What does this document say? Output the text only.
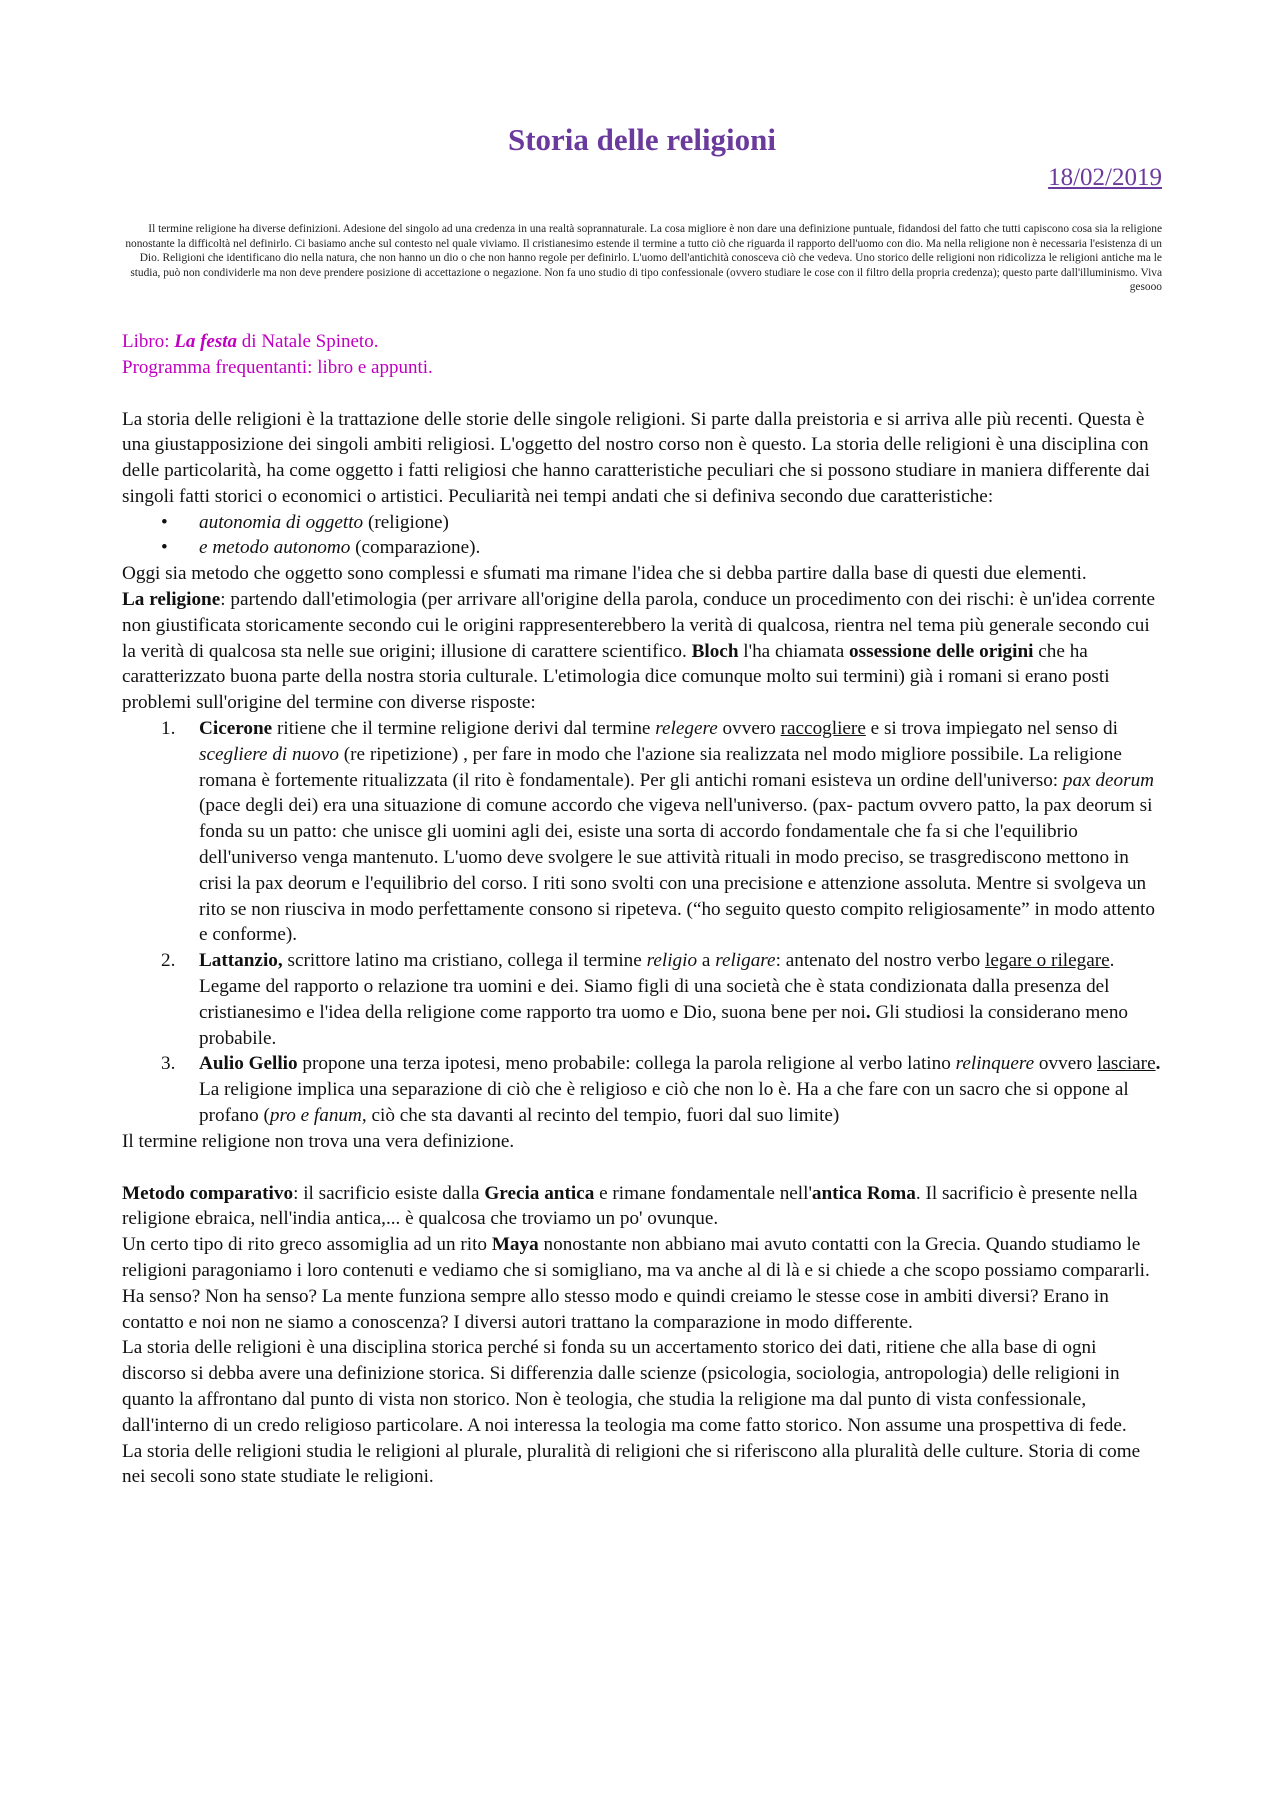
Storia delle religioni

18/02/2019

Il termine religione ha diverse definizioni. Adesione del singolo ad una credenza in una realtà soprannaturale. La cosa migliore è non dare una definizione puntuale, fidandosi del fatto che tutti capiscono cosa sia la religione nonostante la difficoltà nel definirlo. Ci basiamo anche sul contesto nel quale viviamo. Il cristianesimo estende il termine a tutto ciò che riguarda il rapporto dell'uomo con dio. Ma nella religione non è necessaria l'esistenza di un Dio. Religioni che identificano dio nella natura, che non hanno un dio o che non hanno regole per definirlo. L'uomo dell'antichità conosceva ciò che vedeva. Uno storico delle religioni non ridicolizza le religioni antiche ma le studia, può non condividerle ma non deve prendere posizione di accettazione o negazione. Non fa uno studio di tipo confessionale (ovvero studiare le cose con il filtro della propria credenza); questo parte dall'illuminismo. Viva gesooo

Libro: La festa di Natale Spineto.

Programma frequentanti: libro e appunti.

La storia delle religioni è la trattazione delle storie delle singole religioni. Si parte dalla preistoria e si arriva alle più recenti. Questa è una giustapposizione dei singoli ambiti religiosi. L'oggetto del nostro corso non è questo. La storia delle religioni è una disciplina con delle particolarità, ha come oggetto i fatti religiosi che hanno caratteristiche peculiari che si possono studiare in maniera differente dai singoli fatti storici o economici o artistici. Peculiarità nei tempi andati che si definiva secondo due caratteristiche:

• autonomia di oggetto (religione)
• e metodo autonomo (comparazione).

Oggi sia metodo che oggetto sono complessi e sfumati ma rimane l'idea che si debba partire dalla base di questi due elementi.

La religione: partendo dall'etimologia (per arrivare all'origine della parola, conduce un procedimento con dei rischi: è un'idea corrente non giustificata storicamente secondo cui le origini rappresenterebbero la verità di qualcosa, rientra nel tema più generale secondo cui la verità di qualcosa sta nelle sue origini; illusione di carattere scientifico. Bloch l'ha chiamata ossessione delle origini che ha caratterizzato buona parte della nostra storia culturale. L'etimologia dice comunque molto sui termini) già i romani si erano posti problemi sull'origine del termine con diverse risposte:

1. Cicerone ritiene che il termine religione derivi dal termine relegere ovvero raccogliere e si trova impiegato nel senso di scegliere di nuovo (re ripetizione) , per fare in modo che l'azione sia realizzata nel modo migliore possibile. La religione romana è fortemente ritualizzata (il rito è fondamentale). Per gli antichi romani esisteva un ordine dell'universo: pax deorum (pace degli dei) era una situazione di comune accordo che vigeva nell'universo. (pax- pactum ovvero patto, la pax deorum si fonda su un patto: che unisce gli uomini agli dei, esiste una sorta di accordo fondamentale che fa si che l'equilibrio dell'universo venga mantenuto. L'uomo deve svolgere le sue attività rituali in modo preciso, se trasgrediscono mettono in crisi la pax deorum e l'equilibrio del corso. I riti sono svolti con una precisione e attenzione assoluta. Mentre si svolgeva un rito se non riusciva in modo perfettamente consono si ripeteva. (“ho seguito questo compito religiosamente” in modo attento e conforme).
2. Lattanzio, scrittore latino ma cristiano, collega il termine religio a religare: antenato del nostro verbo legare o rilegare. Legame del rapporto o relazione tra uomini e dei. Siamo figli di una società che è stata condizionata dalla presenza del cristianesimo e l'idea della religione come rapporto tra uomo e Dio, suona bene per noi. Gli studiosi la considerano meno probabile.
3. Aulio Gellio propone una terza ipotesi, meno probabile: collega la parola religione al verbo latino relinquere ovvero lasciare. La religione implica una separazione di ciò che è religioso e ciò che non lo è. Ha a che fare con un sacro che si oppone al profano (pro e fanum, ciò che sta davanti al recinto del tempio, fuori dal suo limite)

Il termine religione non trova una vera definizione.

Metodo comparativo: il sacrificio esiste dalla Grecia antica e rimane fondamentale nell'antica Roma. Il sacrificio è presente nella religione ebraica, nell'india antica,... è qualcosa che troviamo un po' ovunque.

Un certo tipo di rito greco assomiglia ad un rito Maya nonostante non abbiano mai avuto contatti con la Grecia. Quando studiamo le religioni paragoniamo i loro contenuti e vediamo che si somigliano, ma va anche al di là e si chiede a che scopo possiamo compararli. Ha senso? Non ha senso? La mente funziona sempre allo stesso modo e quindi creiamo le stesse cose in ambiti diversi? Erano in contatto e noi non ne siamo a conoscenza? I diversi autori trattano la comparazione in modo differente.

La storia delle religioni è una disciplina storica perché si fonda su un accertamento storico dei dati, ritiene che alla base di ogni discorso si debba avere una definizione storica. Si differenzia dalle scienze (psicologia, sociologia, antropologia) delle religioni in quanto la affrontano dal punto di vista non storico. Non è teologia, che studia la religione ma dal punto di vista confessionale, dall'interno di un credo religioso particolare. A noi interessa la teologia ma come fatto storico. Non assume una prospettiva di fede.

La storia delle religioni studia le religioni al plurale, pluralità di religioni che si riferiscono alla pluralità delle culture. Storia di come nei secoli sono state studiate le religioni.
